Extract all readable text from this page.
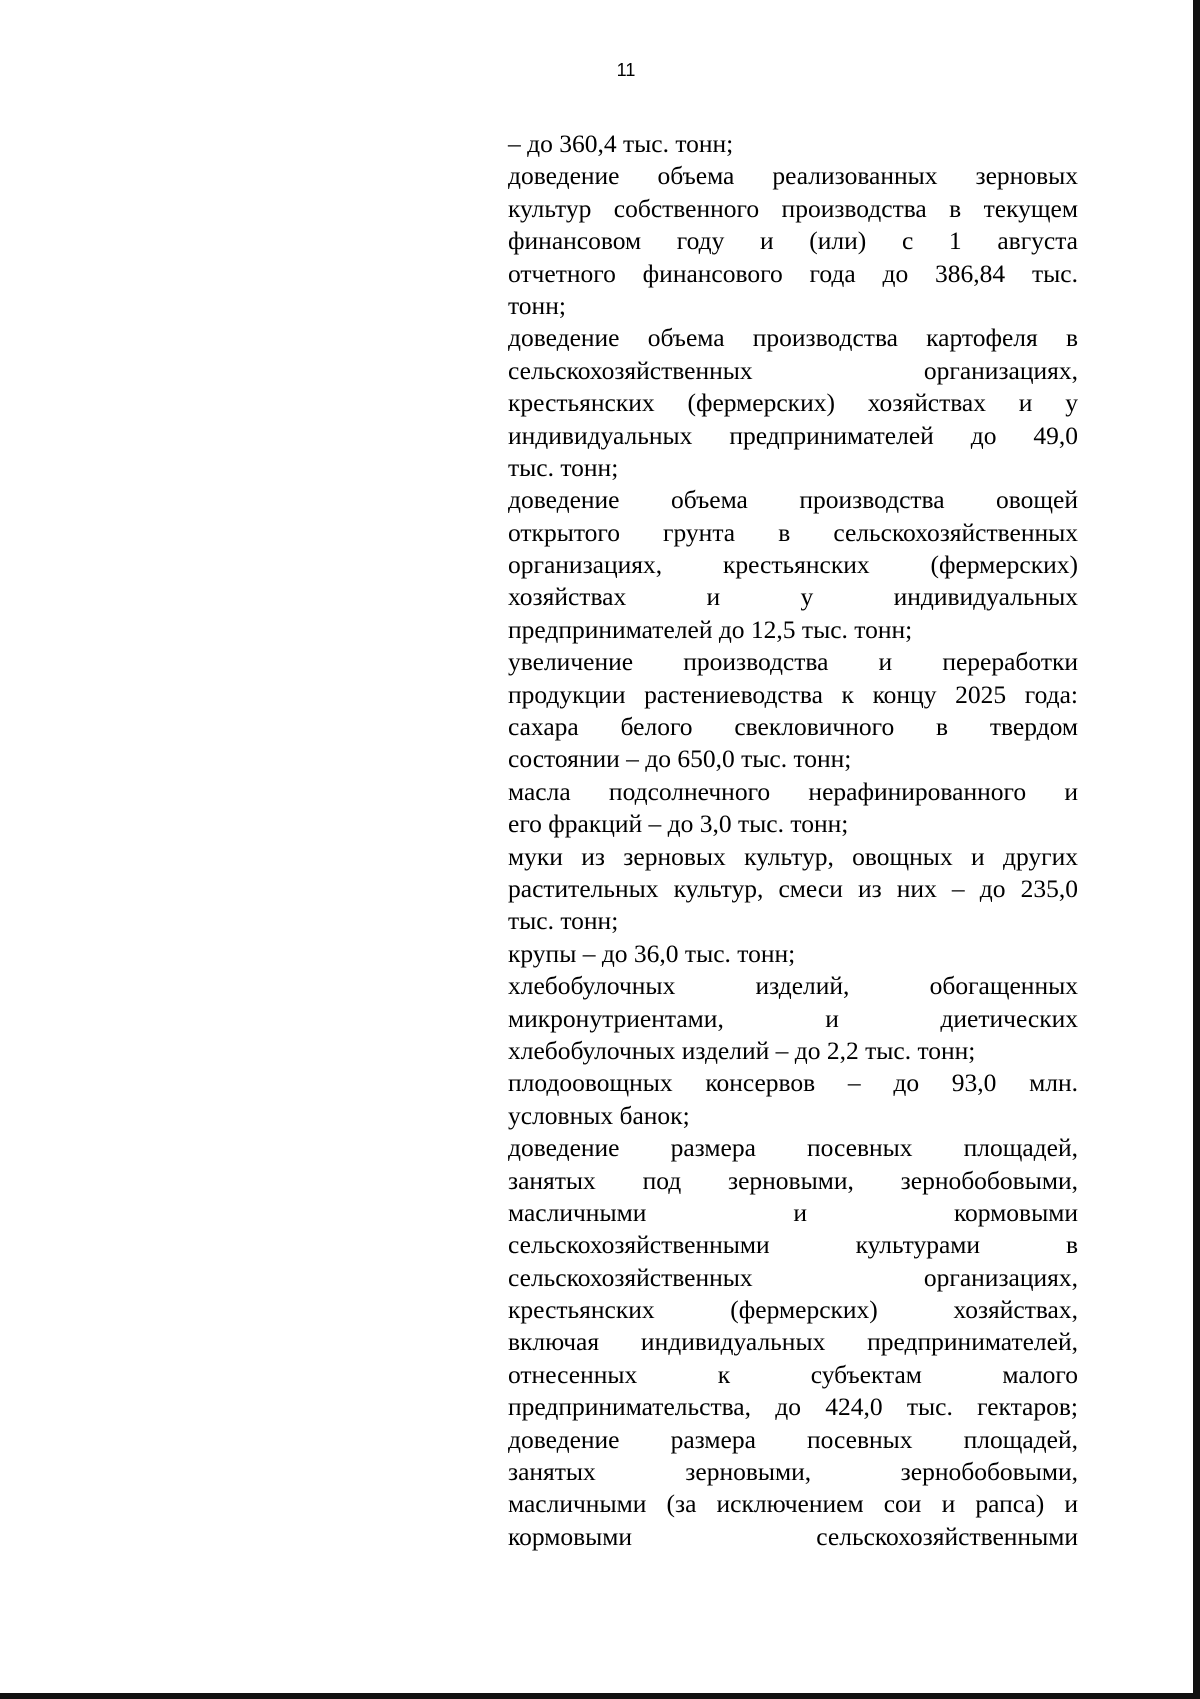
11
– до 360,4 тыс. тонн;
доведение объема реализованных зерновых
культур собственного производства в текущем
финансовом году и (или) с 1 августа
отчетного финансового года до 386,84 тыс.
тонн;
доведение объема производства картофеля в
сельскохозяйственных организациях,
крестьянских (фермерских) хозяйствах и у
индивидуальных предпринимателей до 49,0
тыс. тонн;
доведение объема производства овощей
открытого грунта в сельскохозяйственных
организациях, крестьянских (фермерских)
хозяйствах и у индивидуальных
предпринимателей до 12,5 тыс. тонн;
увеличение производства и переработки
продукции растениеводства к концу 2025 года:
сахара белого свекловичного в твердом
состоянии – до 650,0 тыс. тонн;
масла подсолнечного нерафинированного и
его фракций – до 3,0 тыс. тонн;
муки из зерновых культур, овощных и других
растительных культур, смеси из них – до 235,0
тыс. тонн;
крупы – до 36,0 тыс. тонн;
хлебобулочных изделий, обогащенных
микронутриентами, и диетических
хлебобулочных изделий – до 2,2 тыс. тонн;
плодоовощных консервов – до 93,0 млн.
условных банок;
доведение размера посевных площадей,
занятых под зерновыми, зернобобовыми,
масличными и кормовыми
сельскохозяйственными культурами в
сельскохозяйственных организациях,
крестьянских (фермерских) хозяйствах,
включая индивидуальных предпринимателей,
отнесенных к субъектам малого
предпринимательства, до 424,0 тыс. гектаров;
доведение размера посевных площадей,
занятых зерновыми, зернобобовыми,
масличными (за исключением сои и рапса) и
кормовыми сельскохозяйственными
